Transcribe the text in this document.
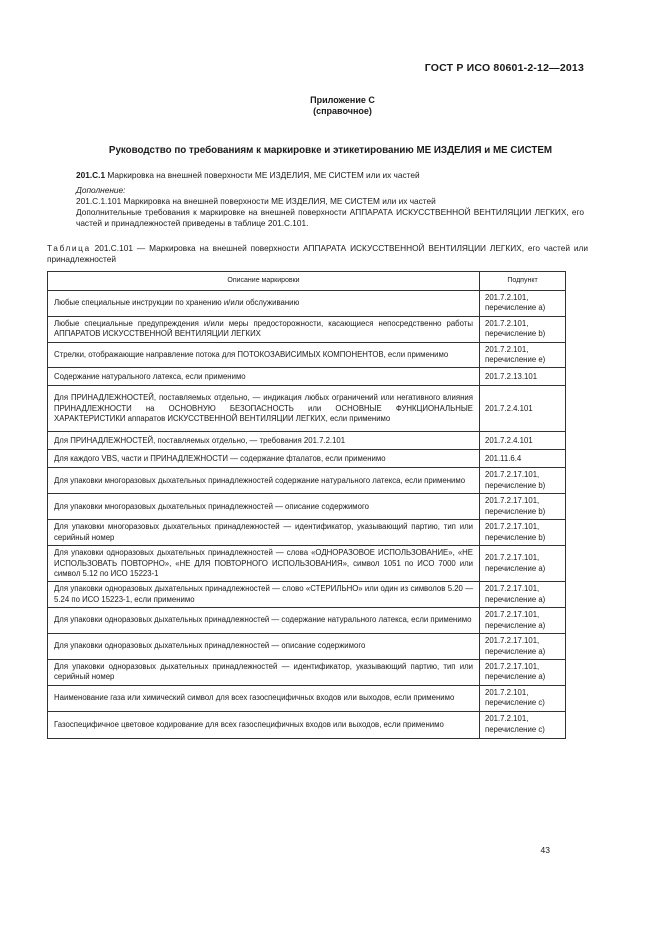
ГОСТ Р ИСО 80601-2-12—2013
Приложение С
(справочное)
Руководство по требованиям к маркировке и этикетированию МЕ ИЗДЕЛИЯ и МЕ СИСТЕМ
201.С.1 Маркировка на внешней поверхности МЕ ИЗДЕЛИЯ, МЕ СИСТЕМ или их частей
Дополнение:
201.С.1.101 Маркировка на внешней поверхности МЕ ИЗДЕЛИЯ, МЕ СИСТЕМ или их частей
Дополнительные требования к маркировке на внешней поверхности АППАРАТА ИСКУССТВЕННОЙ ВЕНТИЛЯЦИИ ЛЕГКИХ, его частей и принадлежностей приведены в таблице 201.С.101.
Таблица 201.С.101 — Маркировка на внешней поверхности АППАРАТА ИСКУССТВЕННОЙ ВЕНТИЛЯЦИИ ЛЕГКИХ, его частей или принадлежностей
Описание маркировки	Подпункт
Любые специальные инструкции по хранению и/или обслуживанию	201.7.2.101, перечисление а)
Любые специальные предупреждения и/или меры предосторожности, касающиеся непосредственно работы АППАРАТОВ ИСКУССТВЕННОЙ ВЕНТИЛЯЦИИ ЛЕГКИХ	201.7.2.101, перечисление b)
Стрелки, отображающие направление потока для ПОТОКОЗАВИСИМЫХ КОМПОНЕНТОВ, если применимо	201.7.2.101, перечисление е)
Содержание натурального латекса, если применимо	201.7.2.13.101
Для ПРИНАДЛЕЖНОСТЕЙ, поставляемых отдельно, — индикация любых ограничений или негативного влияния ПРИНАДЛЕЖНОСТИ на ОСНОВНУЮ БЕЗОПАСНОСТЬ или ОСНОВНЫЕ ФУНКЦИОНАЛЬНЫЕ ХАРАКТЕРИСТИКИ аппаратов ИСКУССТВЕННОЙ ВЕНТИЛЯЦИИ ЛЕГКИХ, если применимо	201.7.2.4.101
Для ПРИНАДЛЕЖНОСТЕЙ, поставляемых отдельно, — требования 201.7.2.101	201.7.2.4.101
Для каждого VBS, части и ПРИНАДЛЕЖНОСТИ — содержание фталатов, если применимо	201.11.6.4
Для упаковки многоразовых дыхательных принадлежностей содержание натурального латекса, если применимо	201.7.2.17.101, перечисление b)
Для упаковки многоразовых дыхательных принадлежностей — описание содержимого	201.7.2.17.101, перечисление b)
Для упаковки многоразовых дыхательных принадлежностей — идентификатор, указывающий партию, тип или серийный номер	201.7.2.17.101, перечисление b)
Для упаковки одноразовых дыхательных принадлежностей — слова «ОДНОРАЗОВОЕ ИСПОЛЬЗОВАНИЕ», «НЕ ИСПОЛЬЗОВАТЬ ПОВТОРНО», «НЕ ДЛЯ ПОВТОРНОГО ИСПОЛЬЗОВАНИЯ», символ 1051 по ИСО 7000 или символ 5.12 по ИСО 15223-1	201.7.2.17.101, перечисление а)
Для упаковки одноразовых дыхательных принадлежностей — слово «СТЕРИЛЬНО» или один из символов 5.20 — 5.24 по ИСО 15223-1, если применимо	201.7.2.17.101, перечисление а)
Для упаковки одноразовых дыхательных принадлежностей — содержание натурального латекса, если применимо	201.7.2.17.101, перечисление а)
Для упаковки одноразовых дыхательных принадлежностей — описание содержимого	201.7.2.17.101, перечисление а)
Для упаковки одноразовых дыхательных принадлежностей — идентификатор, указывающий партию, тип или серийный номер	201.7.2.17.101, перечисление а)
Наименование газа или химический символ для всех газоспецифичных входов или выходов, если применимо	201.7.2.101, перечисление с)
Газоспецифичное цветовое кодирование для всех газоспецифичных входов или выходов, если применимо	201.7.2.101, перечисление с)
43
